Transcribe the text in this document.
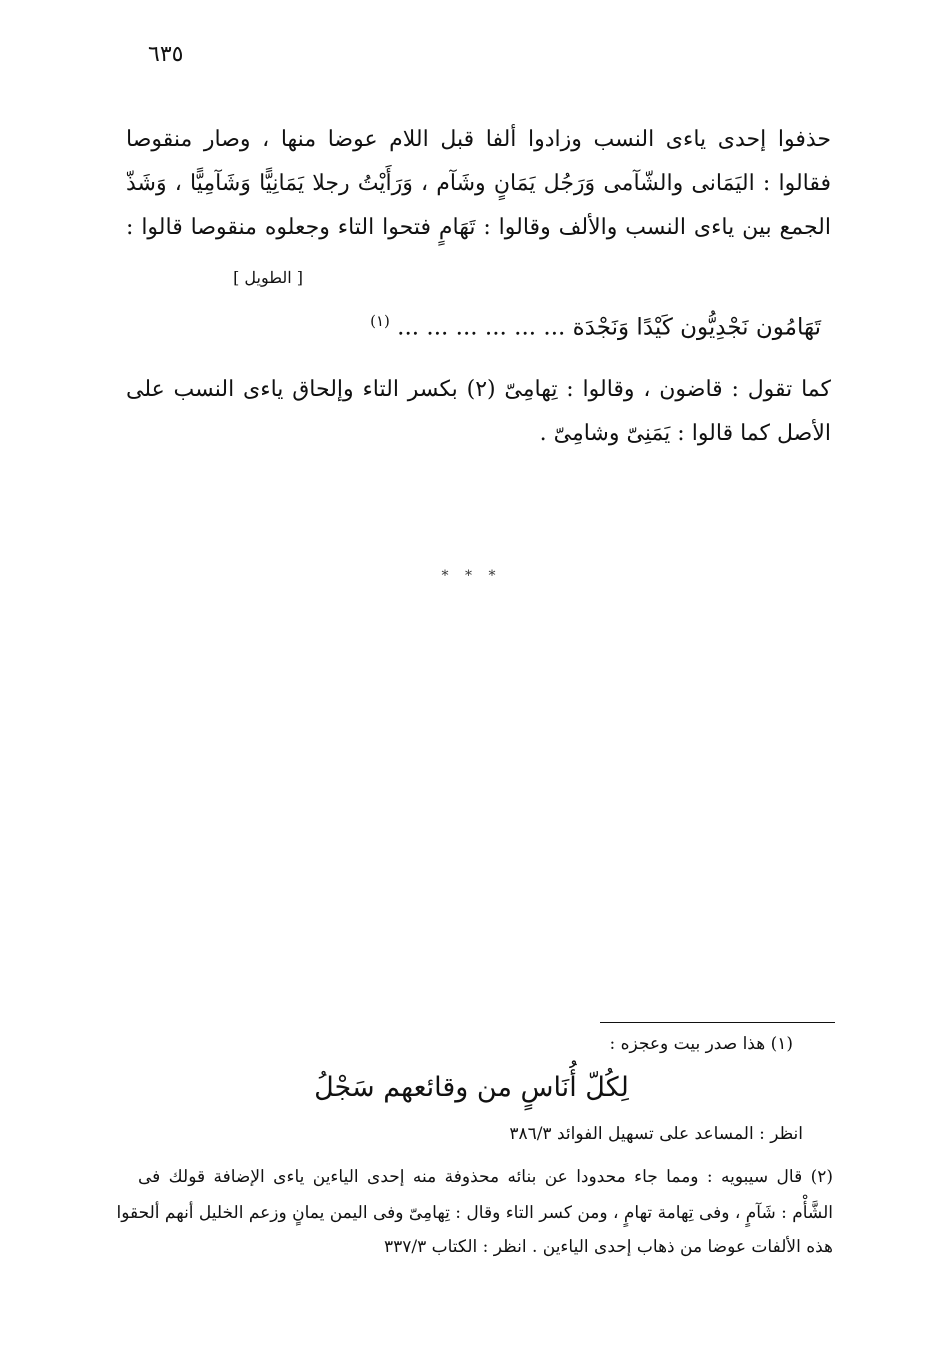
٦٣٥
حذفوا إحدى ياءى النسب وزادوا ألفا قبل اللام عوضا منها ، وصار منقوصا
فقالوا : اليَمَانى والشّآمى وَرَجُل يَمَانٍ وشَآم ، وَرَأَيْتُ رجلا يَمَانِيًّا وَشَآمِيًّا ، وَشَذّ
الجمع بين ياءى النسب والألف وقالوا : تَهَامٍ فتحوا التاء وجعلوه منقوصا قالوا :
[ الطويل ]
تَهَامُون نَجْدِيُّون كَيْدًا وَنَجْدَة ... ... ... ... ... ... $^{(١)}$
كما تقول : قاضون ، وقالوا : تِهامِىّ (٢) بكسر التاء وإلحاق ياءى النسب على
الأصل كما قالوا : يَمَنِىّ وشامِىّ .
* * *
(١) هذا صدر بيت وعجزه :
لِكُلّ أُنَاسٍ من وقائعهم سَجْلُ
انظر : المساعد على تسهيل الفوائد ٣٨٦/٣
(٢) قال سيبويه : ومما جاء محدودا عن بنائه محذوفة منه إحدى الياءين ياءى الإضافة قولك فى
الشَّأْم : شَآمٍ ، وفى تِهامة تهامٍ ، ومن كسر التاء وقال : تِهامِىّ وفى اليمن يمانٍ وزعم الخليل أنهم ألحقوا
هذه الألفات عوضا من ذهاب إحدى الياءين . انظر : الكتاب ٣٣٧/٣
